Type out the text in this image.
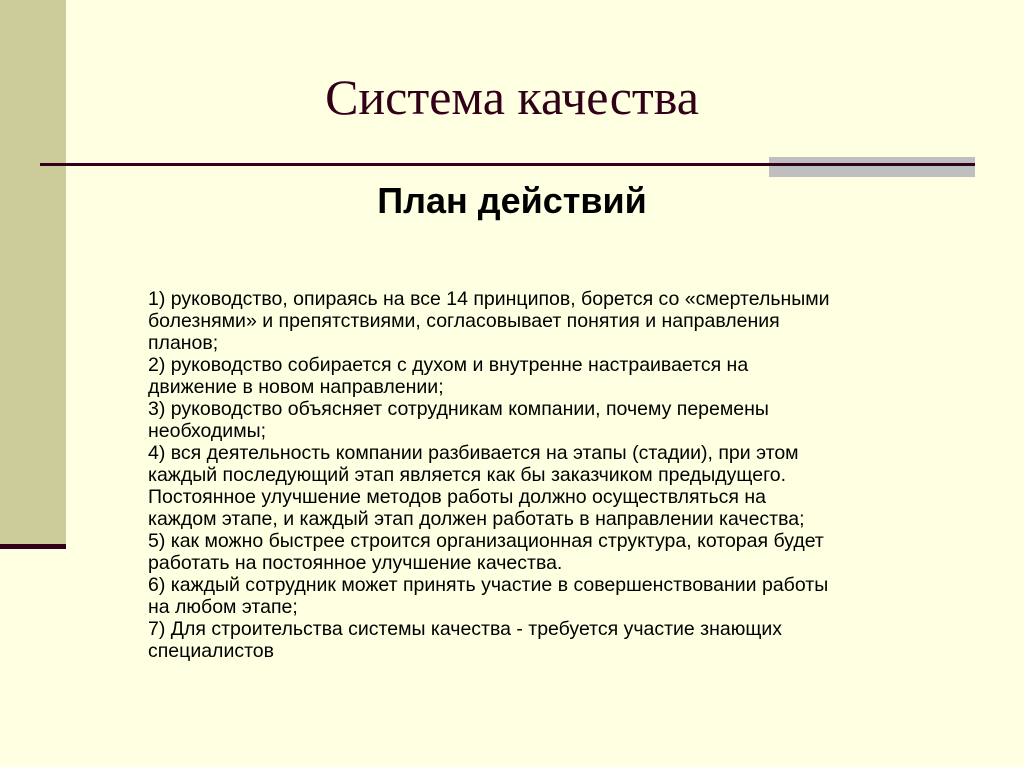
Система качества
План действий
1) руководство, опираясь на все 14 принципов, борется со «смертельными
болезнями» и препятствиями, согласовывает понятия и направления
планов;
2) руководство собирается с духом и внутренне настраивается на
движение в новом направлении;
3) руководство объясняет сотрудникам компании, почему перемены
необходимы;
4) вся деятельность компании разбивается на этапы (стадии), при этом
каждый последующий этап является как бы заказчиком предыдущего.
Постоянное улучшение методов работы должно осуществляться на
каждом этапе, и каждый этап должен работать в направлении качества;
5) как можно быстрее строится организационная структура, которая будет
работать на постоянное улучшение качества.
6) каждый сотрудник может принять участие в совершенствовании работы
на любом этапе;
7) Для строительства системы качества - требуется участие знающих
специалистов
